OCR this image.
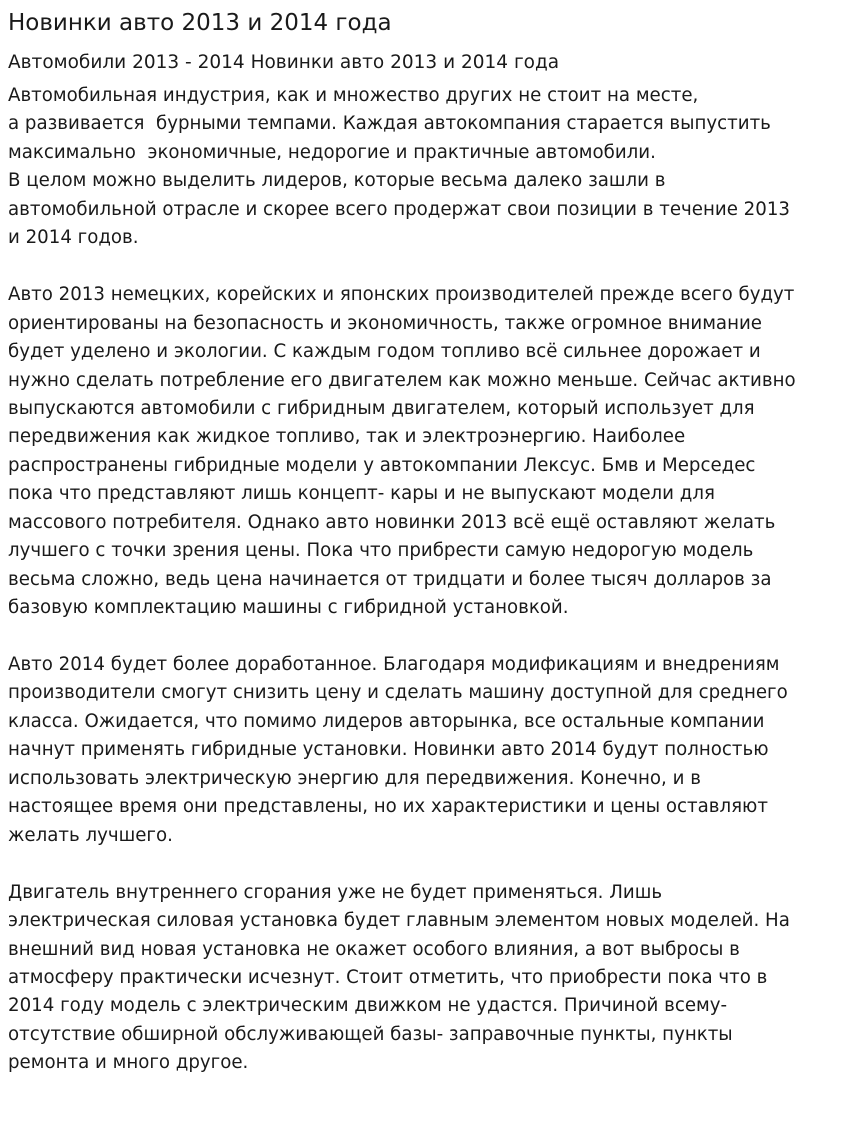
Новинки авто 2013 и 2014 года
Автомобили 2013 - 2014 Новинки авто 2013 и 2014 года

Автомобильная индустрия, как и множество других не стоит на месте,
а развивается  бурными темпами. Каждая автокомпания старается выпустить
максимально  экономичные, недорогие и практичные автомобили.
В целом можно выделить лидеров, которые весьма далеко зашли в
автомобильной отрасле и скорее всего продержат свои позиции в течение 2013
и 2014 годов.

Авто 2013 немецких, корейских и японских производителей прежде всего будут
ориентированы на безопасность и экономичность, также огромное внимание
будет уделено и экологии. С каждым годом топливо всё сильнее дорожает и
нужно сделать потребление его двигателем как можно меньше. Сейчас активно
выпускаются автомобили с гибридным двигателем, который использует для
передвижения как жидкое топливо, так и электроэнергию. Наиболее
распространены гибридные модели у автокомпании Лексус. Бмв и Мерседес
пока что представляют лишь концепт- кары и не выпускают модели для
массового потребителя. Однако авто новинки 2013 всё ещё оставляют желать
лучшего с точки зрения цены. Пока что прибрести самую недорогую модель
весьма сложно, ведь цена начинается от тридцати и более тысяч долларов за
базовую комплектацию машины с гибридной установкой.

Авто 2014 будет более доработанное. Благодаря модификациям и внедрениям
производители смогут снизить цену и сделать машину доступной для среднего
класса. Ожидается, что помимо лидеров авторынка, все остальные компании
начнут применять гибридные установки. Новинки авто 2014 будут полностью
использовать электрическую энергию для передвижения. Конечно, и в
настоящее время они представлены, но их характеристики и цены оставляют
желать лучшего.

Двигатель внутреннего сгорания уже не будет применяться. Лишь
электрическая силовая установка будет главным элементом новых моделей. На
внешний вид новая установка не окажет особого влияния, а вот выбросы в
атмосферу практически исчезнут. Стоит отметить, что приобрести пока что в
2014 году модель с электрическим движком не удастся. Причиной всему-
отсутствие обширной обслуживающей базы- заправочные пункты, пункты
ремонта и много другое.
